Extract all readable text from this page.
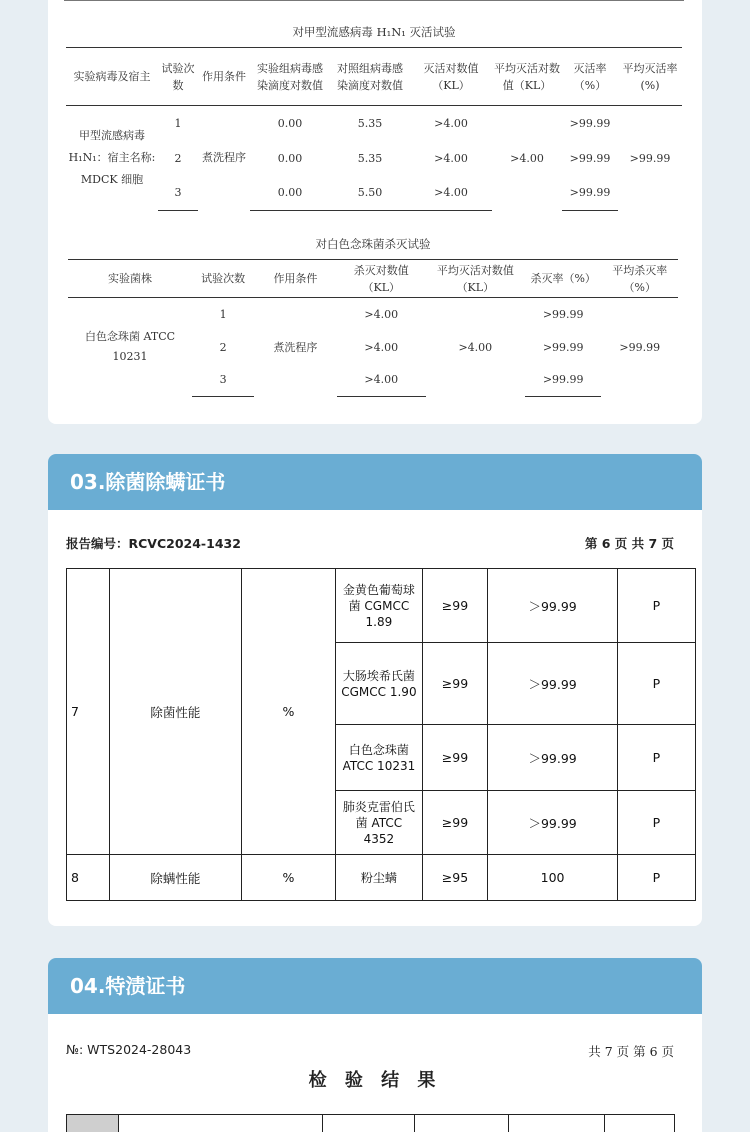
对甲型流感病毒 H₁N₁ 灭活试验
实验病毒及宿主	试验次数	作用条件	实验组病毒感染滴度对数值	对照组病毒感染滴度对数值	灭活对数值（KL）	平均灭活对数值（KL）	灭活率（%）	平均灭活率(%)
甲型流感病毒 H₁N₁：宿主名称: MDCK 细胞	1	煮洗程序	0.00	5.35	>4.00	>4.00	>99.99	>99.99
	2		0.00	5.35	>4.00		>99.99	
	3		0.00	5.50	>4.00		>99.99	
对白色念珠菌杀灭试验
实验菌株	试验次数	作用条件	杀灭对数值（KL）	平均灭活对数值（KL）	杀灭率（%）	平均杀灭率（%）
白色念珠菌 ATCC 10231	1	煮洗程序	>4.00	>4.00	>99.99	>99.99
	2		>4.00		>99.99	
	3		>4.00		>99.99	
03.除菌除螨证书
报告编号：RCVC2024-1432	第 6 页 共 7 页
7	除菌性能	%	金黄色葡萄球菌 CGMCC 1.89	≥99	＞99.99	P
			大肠埃希氏菌 CGMCC 1.90	≥99	＞99.99	P
			白色念珠菌 ATCC 10231	≥99	＞99.99	P
			肺炎克雷伯氏菌 ATCC 4352	≥99	＞99.99	P
8	除螨性能	%	粉尘螨	≥95	100	P
04.特渍证书
№: WTS2024-28043	共 7 页 第 6 页
检 验 结 果
